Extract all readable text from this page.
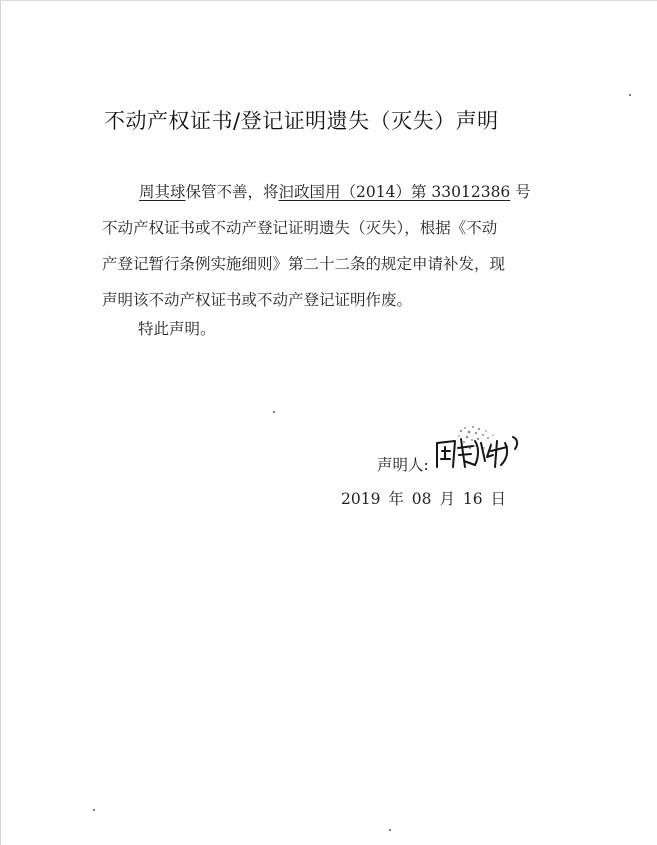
不动产权证书/登记证明遗失（灭失）声明
周其球保管不善，将汩政国用（2014）第 33012386 号
不动产权证书或不动产登记证明遗失（灭失），根据《不动
产登记暂行条例实施细则》第二十二条的规定申请补发，现
声明该不动产权证书或不动产登记证明作废。
特此声明。
声明人:
2019 年 08 月 16 日
